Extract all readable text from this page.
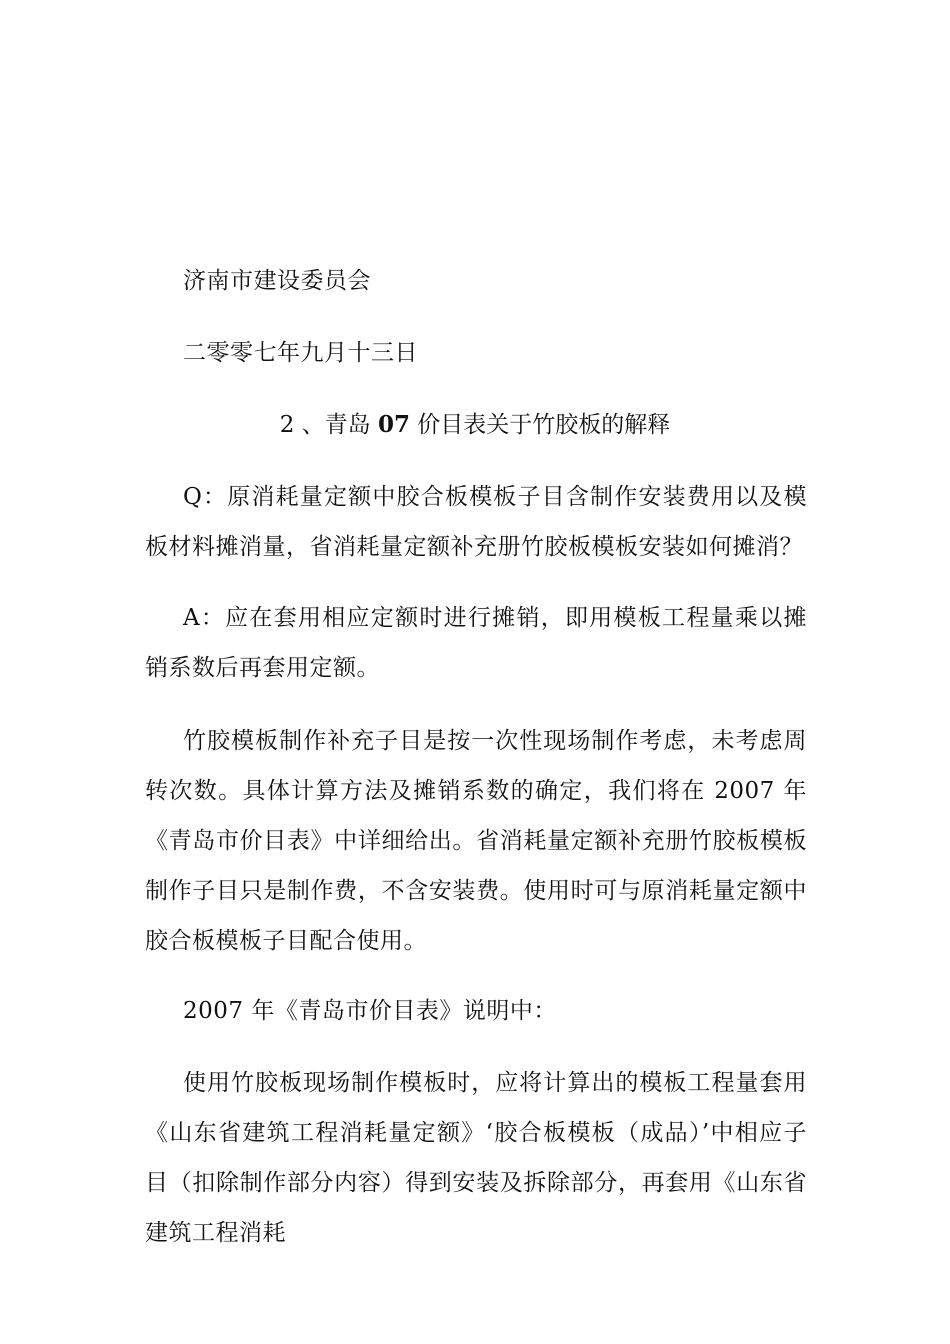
济南市建设委员会
二零零七年九月十三日
2 、青岛 07 价目表关于竹胶板的解释
Q：原消耗量定额中胶合板模板子目含制作安装费用以及模板材料摊消量，省消耗量定额补充册竹胶板模板安装如何摊消？
A：应在套用相应定额时进行摊销，即用模板工程量乘以摊销系数后再套用定额。
竹胶模板制作补充子目是按一次性现场制作考虑，未考虑周转次数。具体计算方法及摊销系数的确定，我们将在 2007 年《青岛市价目表》中详细给出。省消耗量定额补充册竹胶板模板制作子目只是制作费，不含安装费。使用时可与原消耗量定额中胶合板模板子目配合使用。
2007 年《青岛市价目表》说明中：
使用竹胶板现场制作模板时，应将计算出的模板工程量套用《山东省建筑工程消耗量定额》‘胶合板模板（成品）’中相应子目（扣除制作部分内容）得到安装及拆除部分，再套用《山东省建筑工程消耗
